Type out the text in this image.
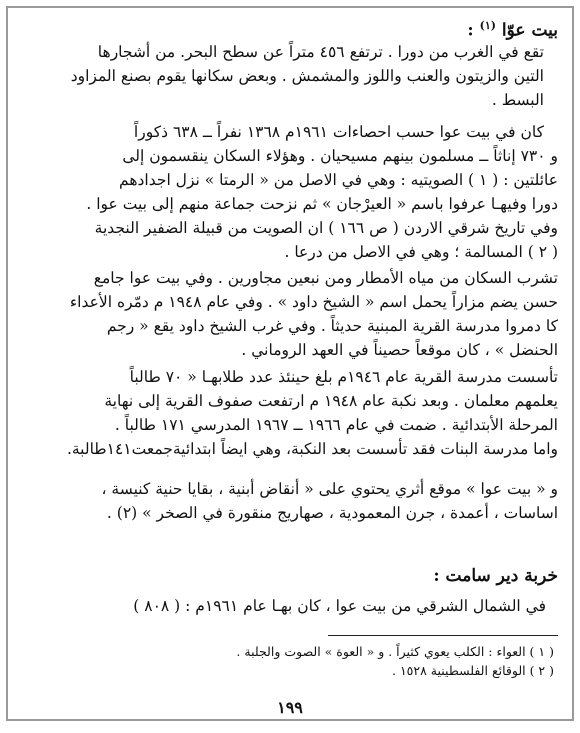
بيت عوّا $^{(١)}$ :
تقع في الغرب من دورا . ترتفع ٤٥٦ متراً عن سطح البحر. من أشجارها
التين والزيتون والعنب واللوز والمشمش . وبعض سكانها يقوم بصنع المزاود
البسط .
كان في بيت عوا حسب احصاءات ١٩٦١م ١٣٦٨ نفراً ــ ٦٣٨ ذكوراً
و ٧٣٠ إناثاً ــ مسلمون بينهم مسيحيان . وهؤلاء السكان ينقسمون إلى
عائلتين : ( ١ ) الصويتيه : وهي في الاصل من « الرمتا » نزل اجدادهم
دورا وفيهـا عرفوا باسم « العيرْجان » ثم نزحت جماعة منهم إلى بيت عوا .
وفي تاريخ شرقي الاردن ( ص ١٦٦ ) ان الصويت من قبيلة الضفير النجدية
( ٢ ) المسالمة ؛ وهي في الاصل من درعا .
تشرب السكان من مياه الأمطار ومن نبعين مجاورين . وفي بيت عوا جامع
حسن يضم مزاراً يحمل اسم « الشيخ داود » . وفي عام ١٩٤٨ م دمّره الأعداء
كا دمروا مدرسة القرية المبنية حديثاً . وفي غرب الشيخ داود يقع « رجم
الحنضل » ، كان موقعاً حصيناً في العهد الروماني .
تأسست مدرسة القرية عام ١٩٤٦م بلغ حينئذ عدد طلابهـا « ٧٠ طالباً
يعلمهم معلمان . وبعد نكبة عام ١٩٤٨ م ارتفعت صفوف القرية إلى نهاية
المرحلة الأبتدائية . ضمت في عام ١٩٦٦ ــ ١٩٦٧ المدرسي ١٧١ طالباً .
واما مدرسة البنات فقد تأسست بعد النكبة، وهي ايضاً ابتدائيةجمعت١٤١طالبة.
و « بيت عوا » موقع أثري يحتوي على « أنقاض أبنية ، بقايا حنية كنيسة ،
اساسات ، أعمدة ، جرن المعمودية ، صهاريج منقورة في الصخر » (٢) .
خربة دير سامت :
في الشمال الشرقي من بيت عوا ، كان بهـا عام ١٩٦١م : ( ٨٠٨ )
( ١ ) العواء : الكلب يعوي كثيراً . و « العوة » الصوت والجلبة .
( ٢ ) الوقائع الفلسطينية ١٥٢٨ .
١٩٩
